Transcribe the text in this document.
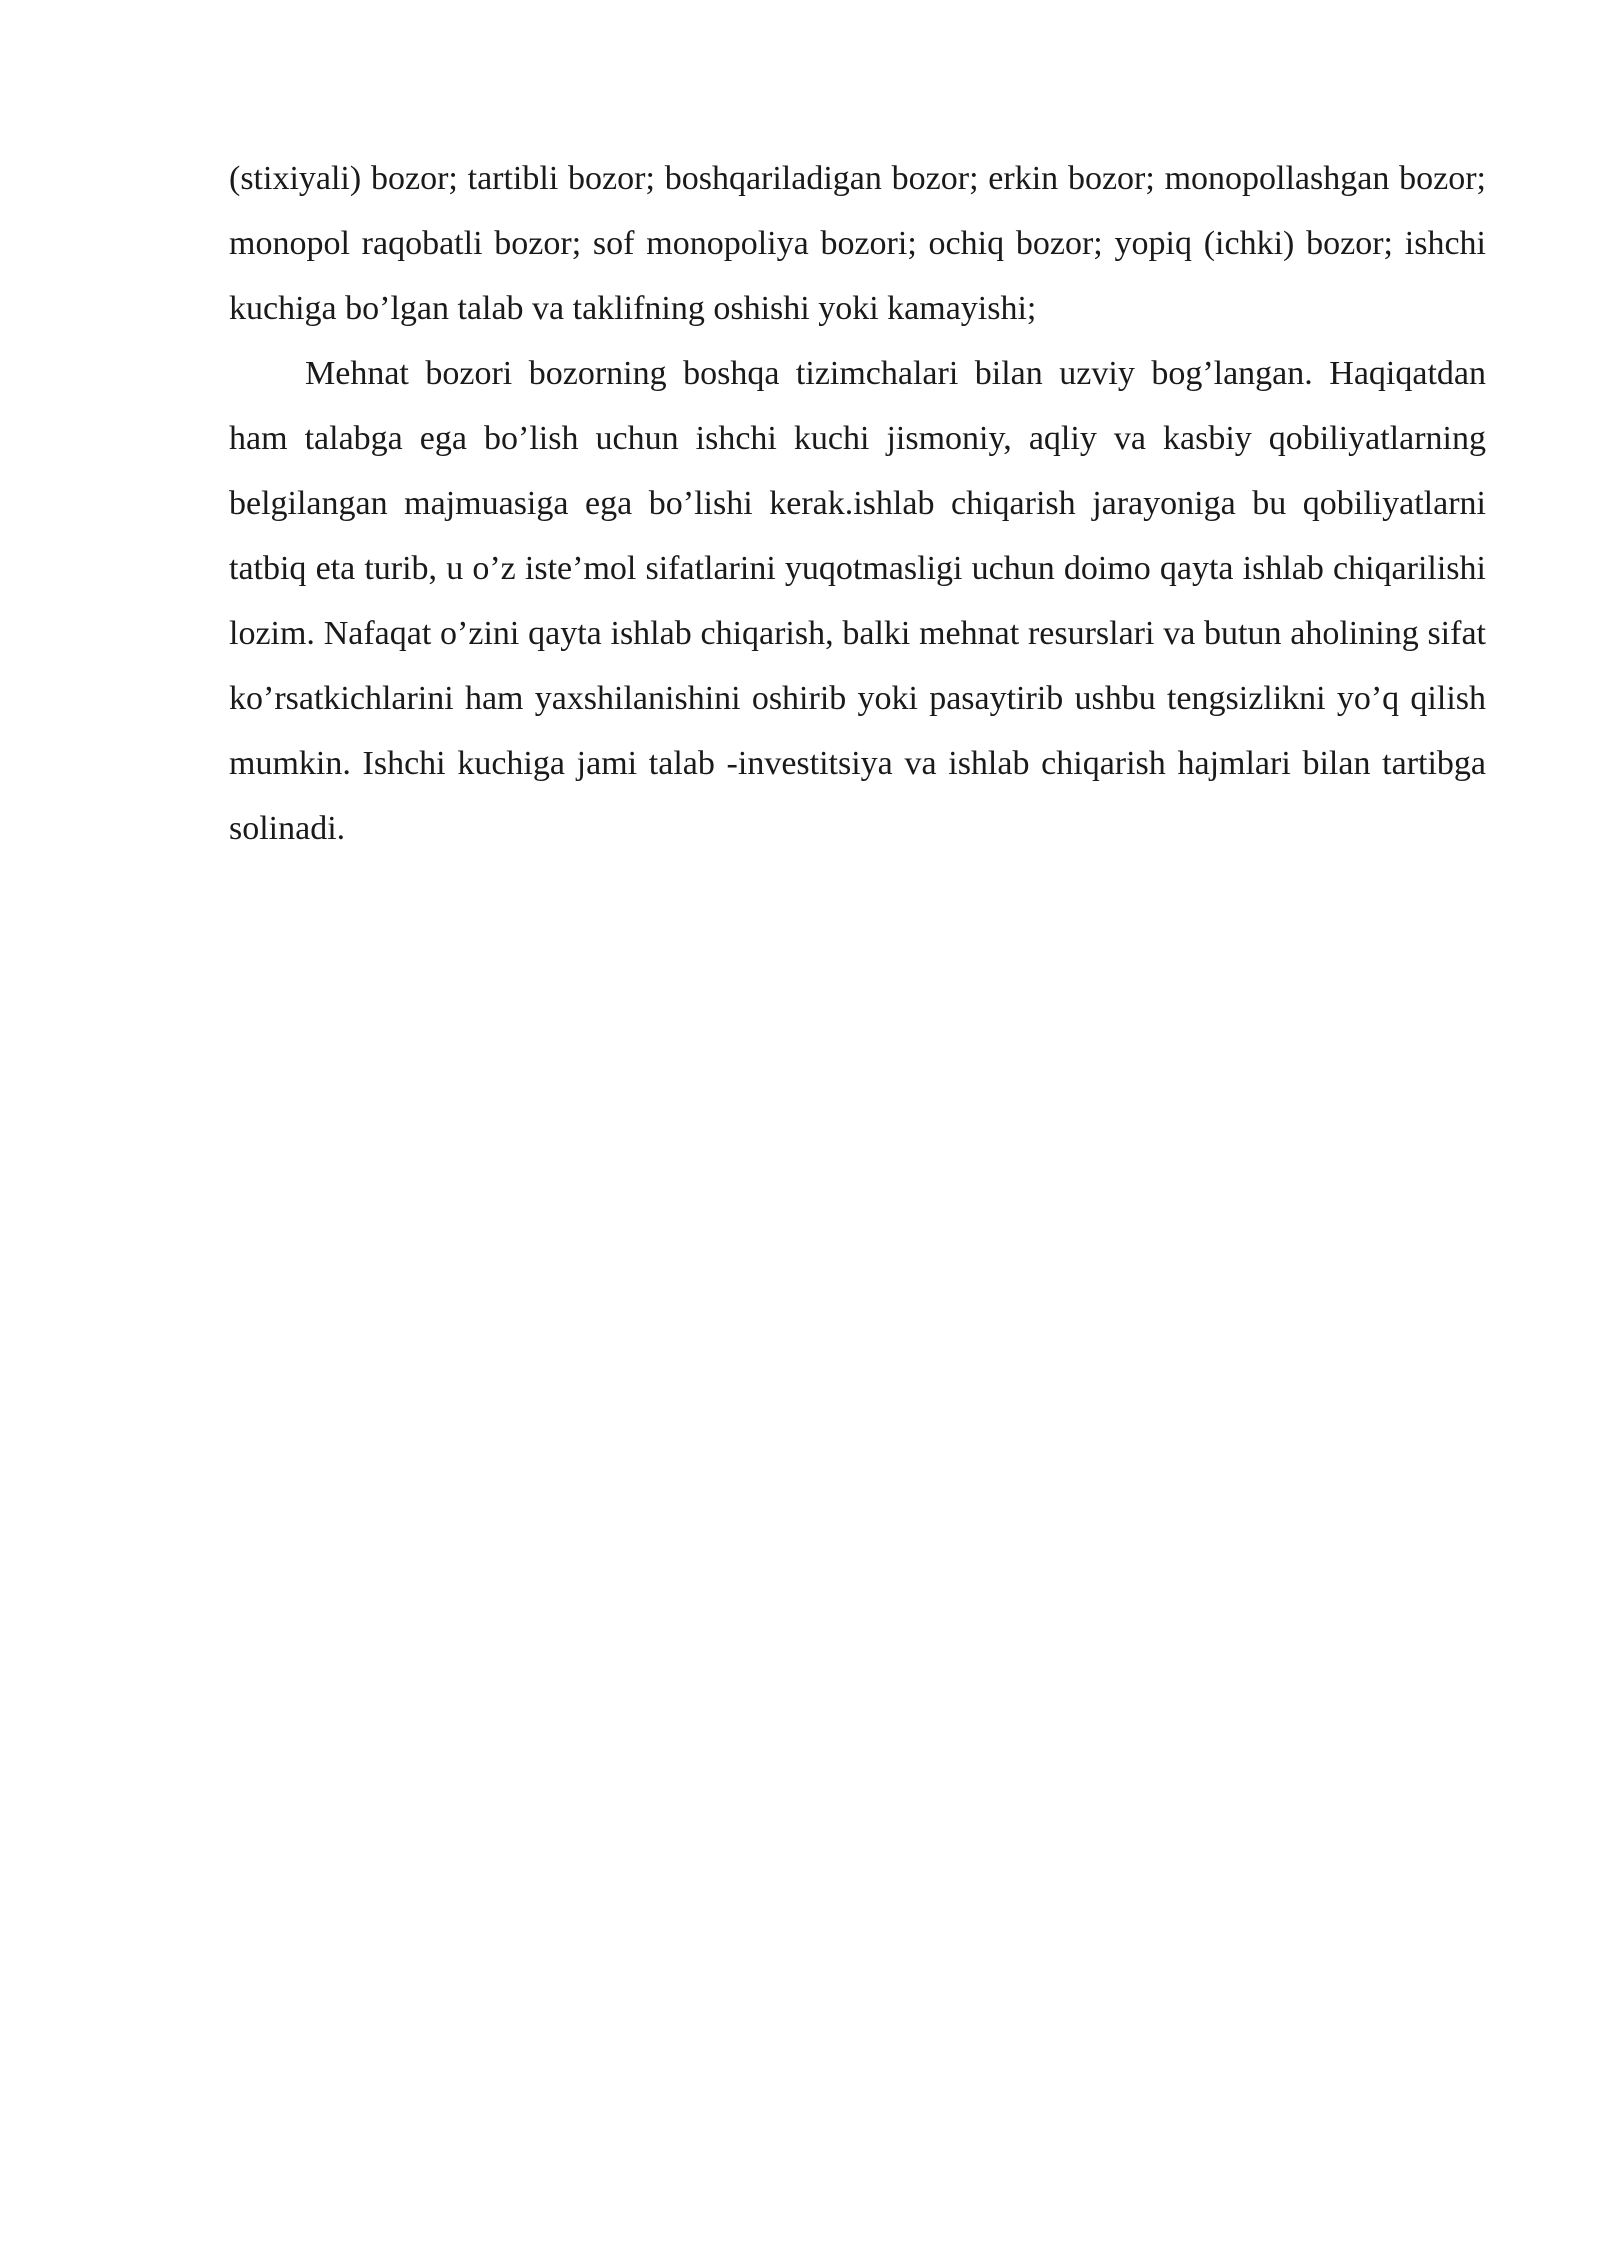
(stixiyali) bozor; tartibli bozor; boshqariladigan bozor; erkin bozor; monopollashgan bozor; monopol raqobatli bozor; sof monopoliya bozori; ochiq bozor; yopiq (ichki) bozor; ishchi kuchiga bo’lgan talab va taklifning oshishi yoki kamayishi;

Mehnat bozori bozorning boshqa tizimchalari bilan uzviy bog’langan. Haqiqatdan ham talabga ega bo’lish uchun ishchi kuchi jismoniy, aqliy va kasbiy qobiliyatlarning belgilangan majmuasiga ega bo’lishi kerak.ishlab chiqarish jarayoniga bu qobiliyatlarni tatbiq eta turib, u o’z iste’mol sifatlarini yuqotmasligi uchun doimo qayta ishlab chiqarilishi lozim. Nafaqat o’zini qayta ishlab chiqarish, balki mehnat resurslari va butun aholining sifat ko’rsatkichlarini ham yaxshilanishini oshirib yoki pasaytirib ushbu tengsizlikni yo’q qilish mumkin. Ishchi kuchiga jami talab -investitsiya va ishlab chiqarish hajmlari bilan tartibga solinadi.
